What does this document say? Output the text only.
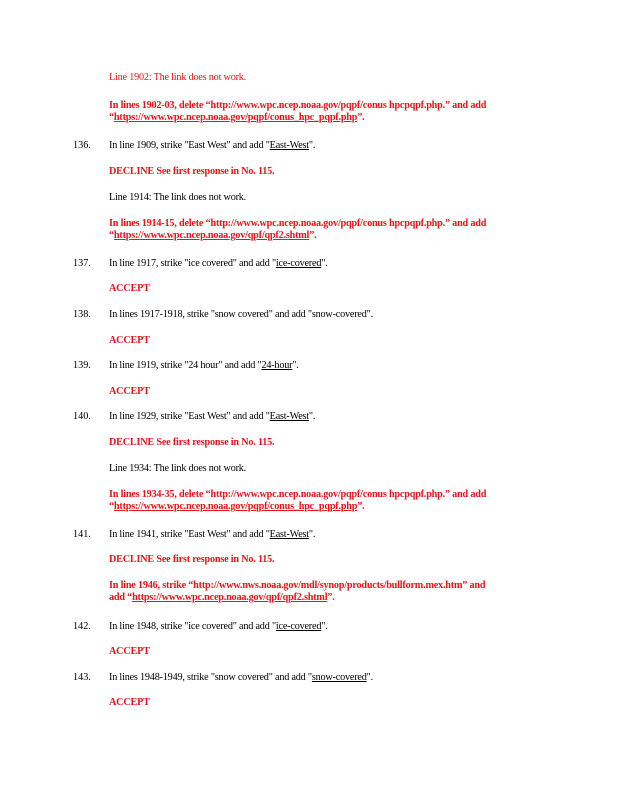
Line 1902: The link does not work.
In lines 1902-03, delete “http://www.wpc.ncep.noaa.gov/pqpf/conus hpcpqpf.php.” and add
“https://www.wpc.ncep.noaa.gov/pqpf/conus_hpc_pqpf.php”.
136. In line 1909, strike "East West" and add "East-West".
DECLINE See first response in No. 115.
Line 1914: The link does not work.
In lines 1914-15, delete “http://www.wpc.ncep.noaa.gov/pqpf/conus hpcpqpf.php.” and add
“https://www.wpc.ncep.noaa.gov/qpf/qpf2.shtml”.
137. In line 1917, strike "ice covered" and add "ice-covered".
ACCEPT
138. In lines 1917-1918, strike "snow covered" and add "snow-covered".
ACCEPT
139. In line 1919, strike "24 hour" and add "24-hour".
ACCEPT
140. In line 1929, strike "East West" and add "East-West".
DECLINE See first response in No. 115.
Line 1934: The link does not work.
In lines 1934-35, delete “http://www.wpc.ncep.noaa.gov/pqpf/conus hpcpqpf.php.” and add
“https://www.wpc.ncep.noaa.gov/pqpf/conus_hpc_pqpf.php”.
141. In line 1941, strike "East West" and add "East-West".
DECLINE See first response in No. 115.
In line 1946, strike “http://www.nws.noaa.gov/mdl/synop/products/bullform.mex.htm” and
add “https://www.wpc.ncep.noaa.gov/qpf/qpf2.shtml”.
142. In line 1948, strike "ice covered" and add "ice-covered".
ACCEPT
143. In lines 1948-1949, strike "snow covered" and add "snow-covered".
ACCEPT
